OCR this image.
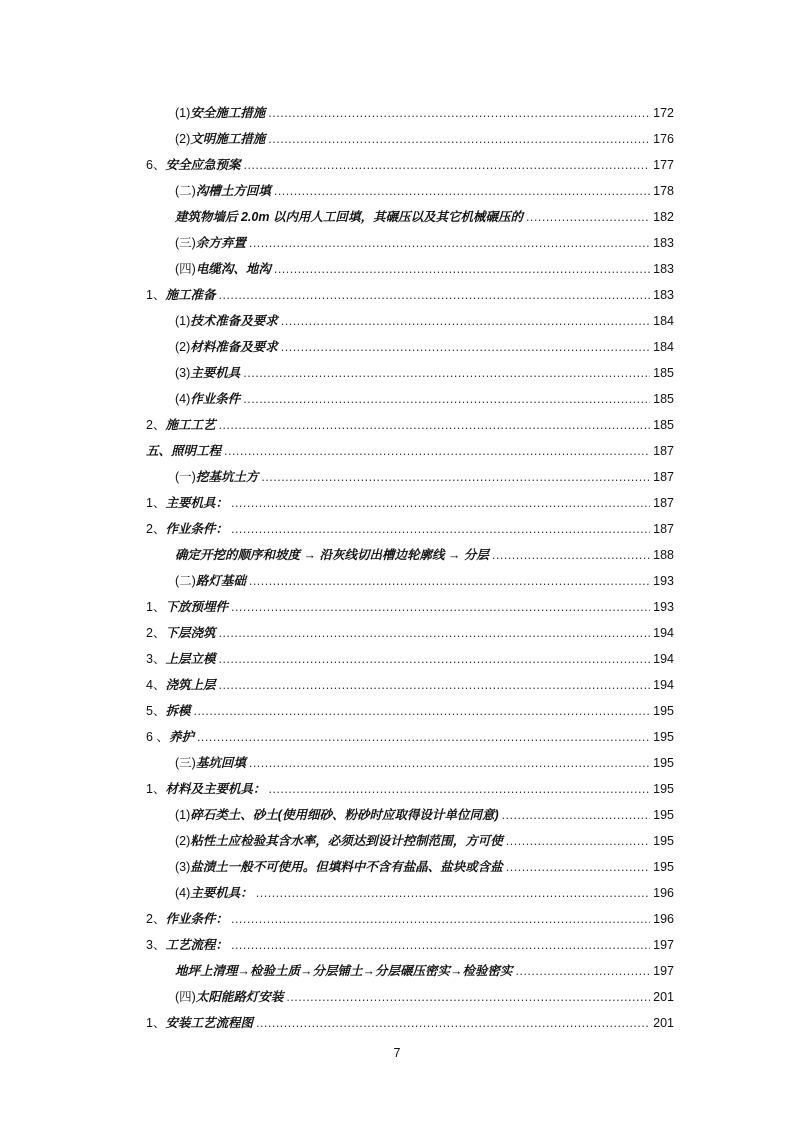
(1)安全施工措施 .....	172
(2)文明施工措施 .....	176
6、安全应急预案 .....	177
(二)沟槽土方回填 .....	178
建筑物墙后 2.0m 以内用人工回填，其碾压以及其它机械碾压的 .....	182
(三)余方弃置 .....	183
(四)电缆沟、地沟 .....	183
1、施工准备 .....	183
(1)技术准备及要求 .....	184
(2)材料准备及要求 .....	184
(3)主要机具 .....	185
(4)作业条件 .....	185
2、施工工艺 .....	185
五、照明工程 .....	187
(一)挖基坑土方 .....	187
1、主要机具： .....	187
2、作业条件： .....	187
确定开挖的顺序和坡度 → 沿灰线切出槽边轮廓线 → 分层 .....	188
(二)路灯基础 .....	193
1、下放预埋件 .....	193
2、下层浇筑 .....	194
3、上层立模 .....	194
4、浇筑上层 .....	194
5、拆模 .....	195
6 、养护 .....	195
(三)基坑回填 .....	195
1、材料及主要机具： .....	195
(1)碎石类土、砂土(使用细砂、粉砂时应取得设计单位同意) .....	195
(2)粘性土应检验其含水率，必须达到设计控制范围，方可使 .....	195
(3)盐渍土一般不可使用。但填料中不含有盐晶、盐块或含盐 .....	195
(4)主要机具： .....	196
2、作业条件： .....	196
3、工艺流程： .....	197
地坪上清理→检验土质→分层铺土→分层碾压密实→检验密实 .....	197
(四)太阳能路灯安装 .....	201
1、安装工艺流程图 .....	201
7
